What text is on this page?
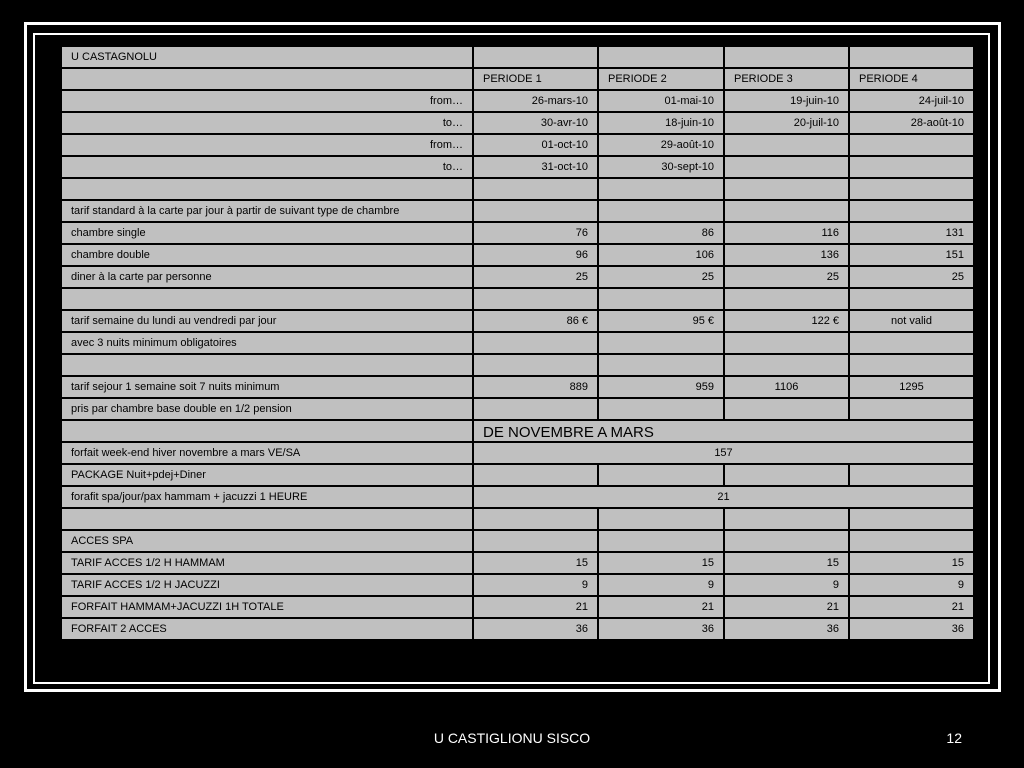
U CASTAGNOLU				
	PERIODE 1	PERIODE 2	PERIODE 3	PERIODE 4
from…	26-mars-10	01-mai-10	19-juin-10	24-juil-10
to…	30-avr-10	18-juin-10	20-juil-10	28-août-10
from…	01-oct-10	29-août-10		
to…	31-oct-10	30-sept-10		

tarif standard à la carte par jour à partir de suivant type de chambre				
chambre single	76	86	116	131
chambre double	96	106	136	151
diner à la carte par personne	25	25	25	25

tarif semaine du lundi au vendredi par jour	86 €	95 €	122 €	not valid
avec 3 nuits minimum obligatoires				

tarif sejour 1 semaine soit 7 nuits minimum	889	959	1106	1295
pris par chambre base double en 1/2 pension				
	DE NOVEMBRE A MARS			
forfait week-end hiver novembre a mars VE/SA	157			
PACKAGE Nuit+pdej+Diner				
forafit spa/jour/pax hammam + jacuzzi 1 HEURE	21			

ACCES SPA				
TARIF ACCES 1/2 H HAMMAM	15	15	15	15
TARIF ACCES 1/2 H JACUZZI	9	9	9	9
FORFAIT HAMMAM+JACUZZI 1H TOTALE	21	21	21	21
FORFAIT 2 ACCES	36	36	36	36
U CASTIGLIONU SISCO	12
